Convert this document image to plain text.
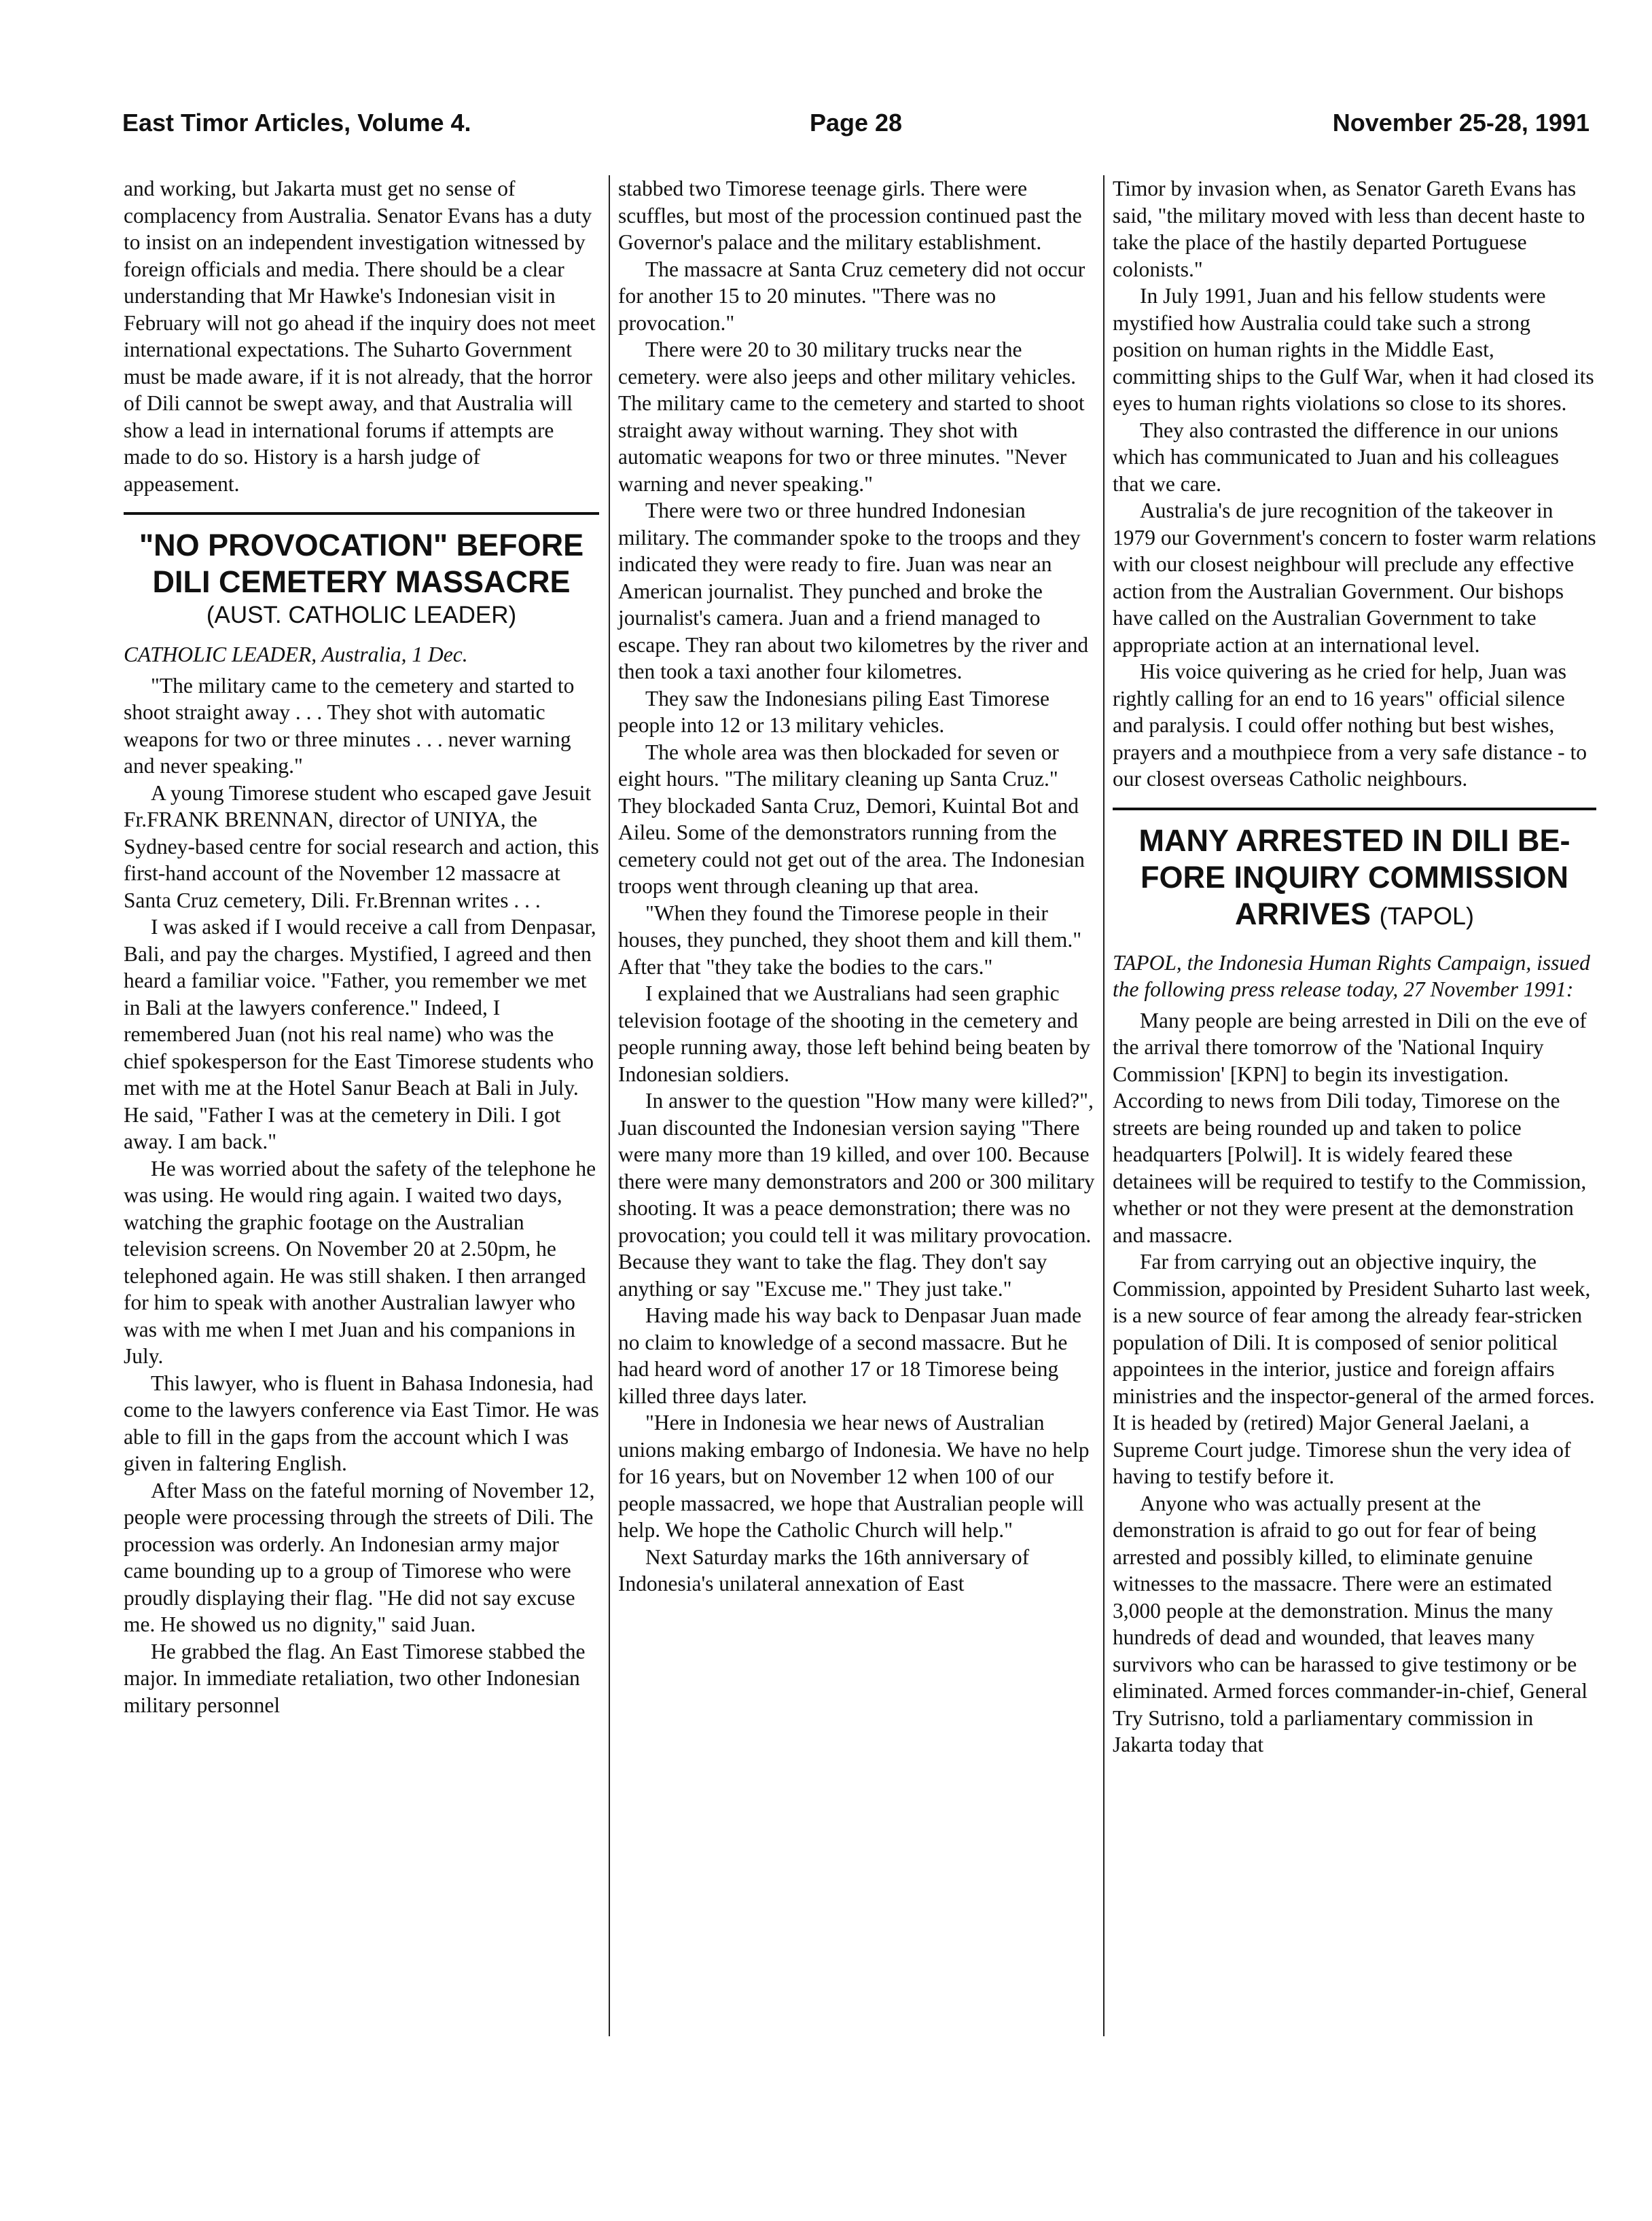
East Timor Articles, Volume 4.	Page 28	November 25-28, 1991

and working, but Jakarta must get no sense of complacency from Australia. Senator Evans has a duty to insist on an independent investigation witnessed by foreign officials and media. There should be a clear understanding that Mr Hawke's Indonesian visit in February will not go ahead if the inquiry does not meet international expectations. The Suharto Government must be made aware, if it is not already, that the horror of Dili cannot be swept away, and that Australia will show a lead in international forums if attempts are made to do so. History is a harsh judge of appeasement.

"NO PROVOCATION" BEFORE
DILI CEMETERY MASSACRE
(AUST. CATHOLIC LEADER)

CATHOLIC LEADER, Australia, 1 Dec.

"The military came to the cemetery and started to shoot straight away . . . They shot with automatic weapons for two or three minutes . . . never warning and never speaking."

A young Timorese student who escaped gave Jesuit Fr.FRANK BRENNAN, director of UNIYA, the Sydney-based centre for social research and action, this first-hand account of the November 12 massacre at Santa Cruz cemetery, Dili. Fr.Brennan writes . . .

I was asked if I would receive a call from Denpasar, Bali, and pay the charges. Mystified, I agreed and then heard a familiar voice. "Father, you remember we met in Bali at the lawyers conference." Indeed, I remembered Juan (not his real name) who was the chief spokesperson for the East Timorese students who met with me at the Hotel Sanur Beach at Bali in July. He said, "Father I was at the cemetery in Dili. I got away. I am back."

He was worried about the safety of the telephone he was using. He would ring again. I waited two days, watching the graphic footage on the Australian television screens. On November 20 at 2.50pm, he telephoned again. He was still shaken. I then arranged for him to speak with another Australian lawyer who was with me when I met Juan and his companions in July.

This lawyer, who is fluent in Bahasa Indonesia, had come to the lawyers conference via East Timor. He was able to fill in the gaps from the account which I was given in faltering English.

After Mass on the fateful morning of November 12, people were processing through the streets of Dili. The procession was orderly. An Indonesian army major came bounding up to a group of Timorese who were proudly displaying their flag. "He did not say excuse me. He showed us no dignity," said Juan.

He grabbed the flag. An East Timorese stabbed the major. In immediate retaliation, two other Indonesian military personnel

stabbed two Timorese teenage girls. There were scuffles, but most of the procession continued past the Governor's palace and the military establishment.

The massacre at Santa Cruz cemetery did not occur for another 15 to 20 minutes. "There was no provocation."

There were 20 to 30 military trucks near the cemetery. were also jeeps and other military vehicles. The military came to the cemetery and started to shoot straight away without warning. They shot with automatic weapons for two or three minutes. "Never warning and never speaking."

There were two or three hundred Indonesian military. The commander spoke to the troops and they indicated they were ready to fire. Juan was near an American journalist. They punched and broke the journalist's camera. Juan and a friend managed to escape. They ran about two kilometres by the river and then took a taxi another four kilometres.

They saw the Indonesians piling East Timorese people into 12 or 13 military vehicles.

The whole area was then blockaded for seven or eight hours. "The military cleaning up Santa Cruz." They blockaded Santa Cruz, Demori, Kuintal Bot and Aileu. Some of the demonstrators running from the cemetery could not get out of the area. The Indonesian troops went through cleaning up that area.

"When they found the Timorese people in their houses, they punched, they shoot them and kill them." After that "they take the bodies to the cars."

I explained that we Australians had seen graphic television footage of the shooting in the cemetery and people running away, those left behind being beaten by Indonesian soldiers.

In answer to the question "How many were killed?", Juan discounted the Indonesian version saying "There were many more than 19 killed, and over 100. Because there were many demonstrators and 200 or 300 military shooting. It was a peace demonstration; there was no provocation; you could tell it was military provocation. Because they want to take the flag. They don't say anything or say "Excuse me." They just take."

Having made his way back to Denpasar Juan made no claim to knowledge of a second massacre. But he had heard word of another 17 or 18 Timorese being killed three days later.

"Here in Indonesia we hear news of Australian unions making embargo of Indonesia. We have no help for 16 years, but on November 12 when 100 of our people massacred, we hope that Australian people will help. We hope the Catholic Church will help."

Next Saturday marks the 16th anniversary of Indonesia's unilateral annexation of East

Timor by invasion when, as Senator Gareth Evans has said, "the military moved with less than decent haste to take the place of the hastily departed Portuguese colonists."

In July 1991, Juan and his fellow students were mystified how Australia could take such a strong position on human rights in the Middle East, committing ships to the Gulf War, when it had closed its eyes to human rights violations so close to its shores.

They also contrasted the difference in our unions which has communicated to Juan and his colleagues that we care.

Australia's de jure recognition of the takeover in 1979 our Government's concern to foster warm relations with our closest neighbour will preclude any effective action from the Australian Government. Our bishops have called on the Australian Government to take appropriate action at an international level.

His voice quivering as he cried for help, Juan was rightly calling for an end to 16 years" official silence and paralysis. I could offer nothing but best wishes, prayers and a mouthpiece from a very safe distance - to our closest overseas Catholic neighbours.

MANY ARRESTED IN DILI BE-
FORE INQUIRY COMMISSION
ARRIVES (TAPOL)

TAPOL, the Indonesia Human Rights Campaign, issued the following press release today, 27 November 1991:

Many people are being arrested in Dili on the eve of the arrival there tomorrow of the 'National Inquiry Commission' [KPN] to begin its investigation. According to news from Dili today, Timorese on the streets are being rounded up and taken to police headquarters [Polwil]. It is widely feared these detainees will be required to testify to the Commission, whether or not they were present at the demonstration and massacre.

Far from carrying out an objective inquiry, the Commission, appointed by President Suharto last week, is a new source of fear among the already fear-stricken population of Dili. It is composed of senior political appointees in the interior, justice and foreign affairs ministries and the inspector-general of the armed forces. It is headed by (retired) Major General Jaelani, a Supreme Court judge. Timorese shun the very idea of having to testify before it.

Anyone who was actually present at the demonstration is afraid to go out for fear of being arrested and possibly killed, to eliminate genuine witnesses to the massacre. There were an estimated 3,000 people at the demonstration. Minus the many hundreds of dead and wounded, that leaves many survivors who can be harassed to give testimony or be eliminated. Armed forces commander-in-chief, General Try Sutrisno, told a parliamentary commission in Jakarta today that
